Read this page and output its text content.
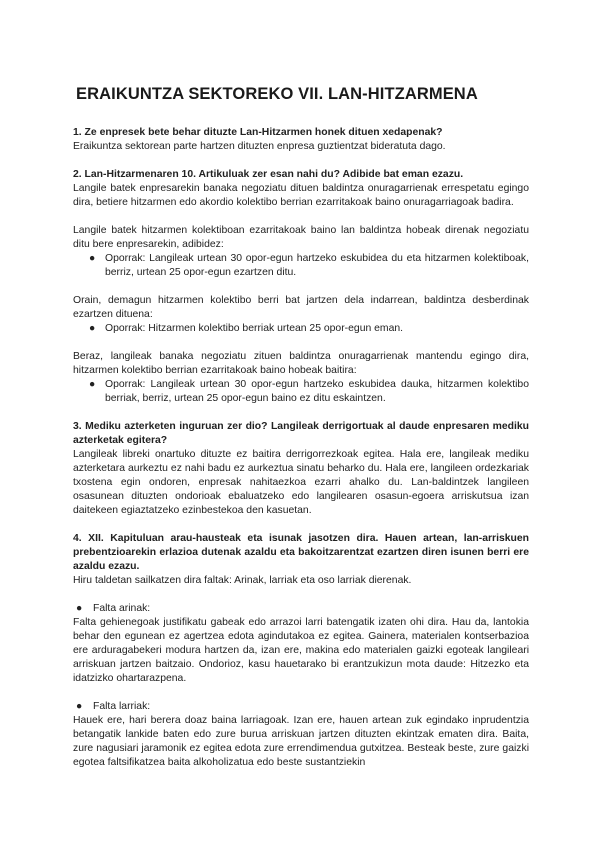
ERAIKUNTZA SEKTOREKO VII. LAN-HITZARMENA

1. Ze enpresek bete behar dituzte Lan-Hitzarmen honek dituen xedapenak?

Eraikuntza sektorean parte hartzen dituzten enpresa guztientzat bideratuta dago.

2. Lan-Hitzarmenaren 10. Artikuluak zer esan nahi du? Adibide bat eman ezazu.

Langile batek enpresarekin banaka negoziatu dituen baldintza onuragarrienak errespetatu egingo dira, betiere hitzarmen edo akordio kolektibo berrian ezarritakoak baino onuragarriagoak badira.

Langile batek hitzarmen kolektiboan ezarritakoak baino lan baldintza hobeak direnak negoziatu ditu bere enpresarekin, adibidez:

● Oporrak: Langileak urtean 30 opor-egun hartzeko eskubidea du eta hitzarmen kolektiboak, berriz, urtean 25 opor-egun ezartzen ditu.

Orain, demagun hitzarmen kolektibo berri bat jartzen dela indarrean, baldintza desberdinak ezartzen dituena:

● Oporrak: Hitzarmen kolektibo berriak urtean 25 opor-egun eman.

Beraz, langileak banaka negoziatu zituen baldintza onuragarrienak mantendu egingo dira, hitzarmen kolektibo berrian ezarritakoak baino hobeak baitira:

● Oporrak: Langileak urtean 30 opor-egun hartzeko eskubidea dauka, hitzarmen kolektibo berriak, berriz, urtean 25 opor-egun baino ez ditu eskaintzen.

3. Mediku azterketen inguruan zer dio? Langileak derrigortuak al daude enpresaren mediku azterketak egitera?

Langileak libreki onartuko dituzte ez baitira derrigorrezkoak egitea. Hala ere, langileak mediku azterketara aurkeztu ez nahi badu ez aurkeztua sinatu beharko du. Hala ere, langileen ordezkariak txostena egin ondoren, enpresak nahitaezkoa ezarri ahalko du. Lan-baldintzek langileen osasunean dituzten ondorioak ebaluatzeko edo langilearen osasun-egoera arriskutsua izan daitekeen egiaztatzeko ezinbestekoa den kasuetan.

4. XII. Kapituluan arau-hausteak eta isunak jasotzen dira. Hauen artean, lan-arriskuen prebentzioarekin erlazioa dutenak azaldu eta bakoitzarentzat ezartzen diren isunen berri ere azaldu ezazu.

Hiru taldetan sailkatzen dira faltak: Arinak, larriak eta oso larriak dierenak.

● Falta arinak:

Falta gehienegoak justifikatu gabeak edo arrazoi larri batengatik izaten ohi dira. Hau da, lantokia behar den egunean ez agertzea edota agindutakoa ez egitea. Gainera, materialen kontserbazioa ere arduragabekeri modura hartzen da, izan ere, makina edo materialen gaizki egoteak langileari arriskuan jartzen baitzaio. Ondorioz, kasu hauetarako bi erantzukizun mota daude: Hitzezko eta idatzizko ohartarazpena.

● Falta larriak:

Hauek ere, hari berera doaz baina larriagoak. Izan ere, hauen artean zuk egindako inprudentzia betangatik lankide baten edo zure burua arriskuan jartzen dituzten ekintzak ematen dira. Baita, zure nagusiari jaramonik ez egitea edota zure errendimendua gutxitzea. Besteak beste, zure gaizki egotea faltsifikatzea baita alkoholizatua edo beste sustantziekin
